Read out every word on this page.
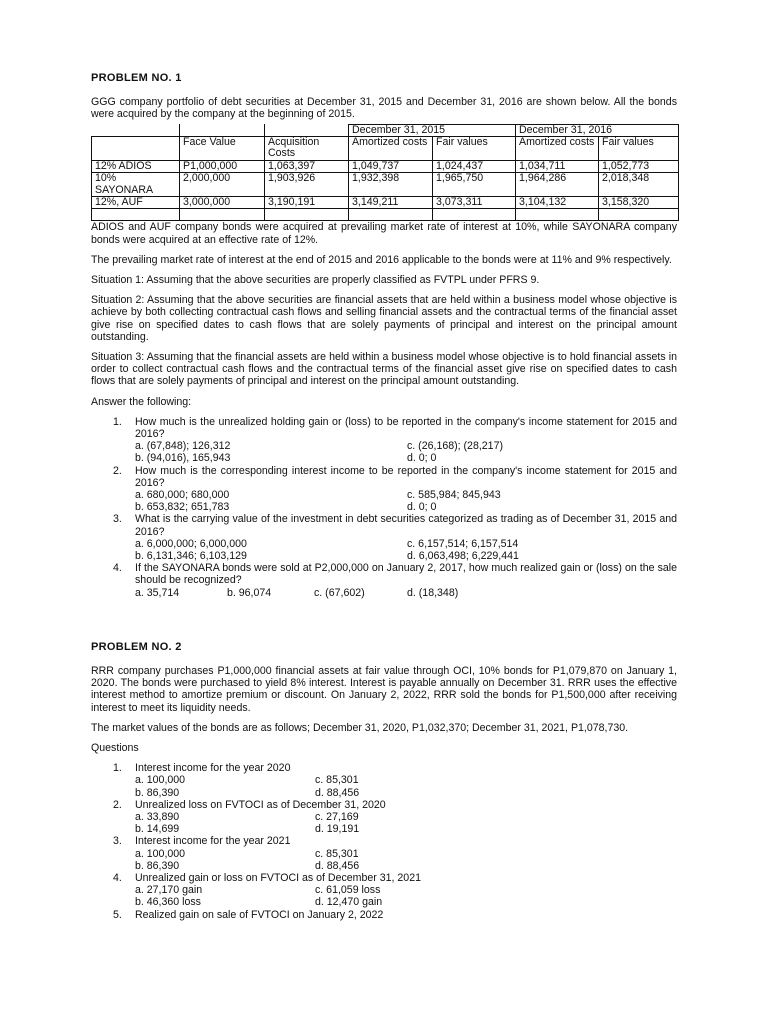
PROBLEM NO. 1

GGG company portfolio of debt securities at December 31, 2015 and December 31, 2016 are shown below. All the bonds were acquired by the company at the beginning of 2015.

			December 31, 2015		December 31, 2016	
	Face Value	Acquisition Costs	Amortized costs	Fair values	Amortized costs	Fair values
12% ADIOS	P1,000,000	1,063,397	1,049,737	1,024,437	1,034,711	1,052,773
10% SAYONARA	2,000,000	1,903,926	1,932,398	1,965,750	1,964,286	2,018,348
12%, AUF	3,000,000	3,190,191	3,149,211	3,073,311	3,104,132	3,158,320

ADIOS and AUF company bonds were acquired at prevailing market rate of interest at 10%, while SAYONARA company bonds were acquired at an effective rate of 12%.

The prevailing market rate of interest at the end of 2015 and 2016 applicable to the bonds were at 11% and 9% respectively.

Situation 1: Assuming that the above securities are properly classified as FVTPL under PFRS 9.

Situation 2: Assuming that the above securities are financial assets that are held within a business model whose objective is achieve by both collecting contractual cash flows and selling financial assets and the contractual terms of the financial asset give rise on specified dates to cash flows that are solely payments of principal and interest on the principal amount outstanding.

Situation 3: Assuming that the financial assets are held within a business model whose objective is to hold financial assets in order to collect contractual cash flows and the contractual terms of the financial asset give rise on specified dates to cash flows that are solely payments of principal and interest on the principal amount outstanding.

Answer the following:

1. How much is the unrealized holding gain or (loss) to be reported in the company's income statement for 2015 and 2016?
a. (67,848); 126,312	c. (26,168); (28,217)
b. (94,016), 165,943	d. 0; 0
2. How much is the corresponding interest income to be reported in the company's income statement for 2015 and 2016?
a. 680,000; 680,000	c. 585,984; 845,943
b. 653,832; 651,783	d. 0; 0
3. What is the carrying value of the investment in debt securities categorized as trading as of December 31, 2015 and 2016?
a. 6,000,000; 6,000,000	c. 6,157,514; 6,157,514
b. 6,131,346; 6,103,129	d. 6,063,498; 6,229,441
4. If the SAYONARA bonds were sold at P2,000,000 on January 2, 2017, how much realized gain or (loss) on the sale should be recognized?
a. 35,714	b. 96,074	c. (67,602)	d. (18,348)
PROBLEM NO. 2

RRR company purchases P1,000,000 financial assets at fair value through OCI, 10% bonds for P1,079,870 on January 1, 2020. The bonds were purchased to yield 8% interest. Interest is payable annually on December 31. RRR uses the effective interest method to amortize premium or discount. On January 2, 2022, RRR sold the bonds for P1,500,000 after receiving interest to meet its liquidity needs.

The market values of the bonds are as follows; December 31, 2020, P1,032,370; December 31, 2021, P1,078,730.

Questions

1. Interest income for the year 2020
a. 100,000	c. 85,301
b. 86,390	d. 88,456
2. Unrealized loss on FVTOCI as of December 31, 2020
a. 33,890	c. 27,169
b. 14,699	d. 19,191
3. Interest income for the year 2021
a. 100,000	c. 85,301
b. 86,390	d. 88,456
4. Unrealized gain or loss on FVTOCI as of December 31, 2021
a. 27,170 gain	c. 61,059 loss
b. 46,360 loss	d. 12,470 gain
5. Realized gain on sale of FVTOCI on January 2, 2022
